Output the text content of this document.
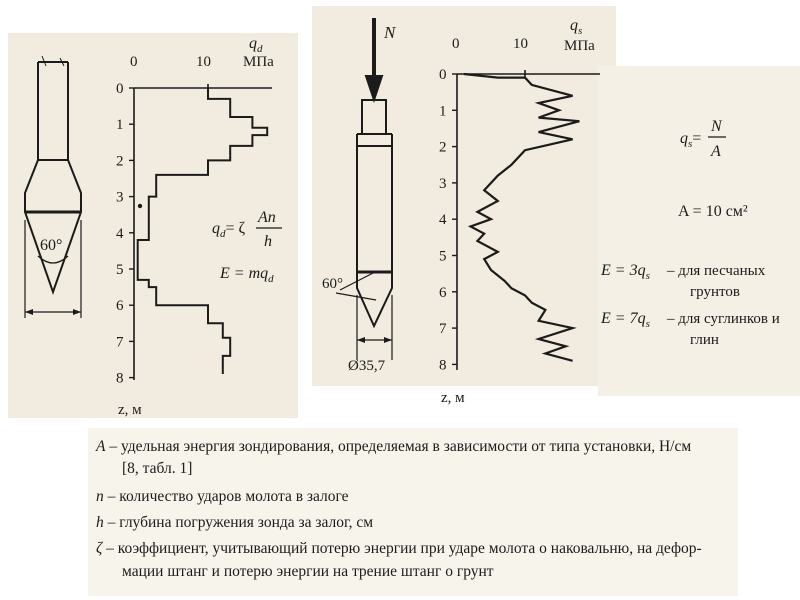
60°
0
1
2
3
4
5
6
7
8
0	10
$q_d$
МПа
z, м
$q_d= \zeta$
An
h
$E = mq_d$
N
60°
Ø35,7
0
1
2
3
4
5
6
7
8
0	10
$q_s$
МПа
z, м
$q_s=$
N
A
A = 10 см²
$E = 3q_s$ – для песчаных
грунтов
$E = 7q_s$ – для суглинков и
глин
A – удельная энергия зондирования, определяемая в зависимости от типа установки, Н/см
[8, табл. 1]
n – количество ударов молота в залоге
h – глубина погружения зонда за залог, см
ζ – коэффициент, учитывающий потерю энергии при ударе молота о наковальню, на дефор-
мации штанг и потерю энергии на трение штанг о грунт
